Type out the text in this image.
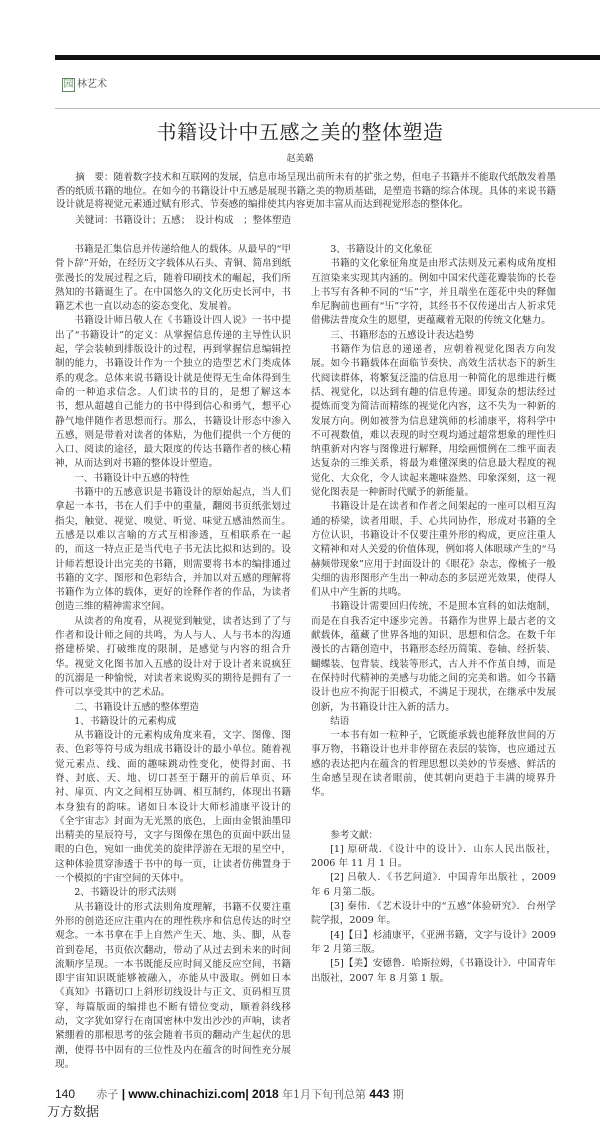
园 林艺术
书籍设计中五感之美的整体塑造
赵美璐
摘　要：随着数字技术和互联网的发展，信息市场呈现出前所未有的扩张之势，但电子书籍并不能取代纸散发着墨香的纸质书籍的地位。在如今的书籍设计中五感是展现书籍之美的物质基础，是塑造书籍的综合体现。具体的来说书籍设计就是将视觉元素通过赋有形式、节奏感的编排使其内容更加丰富从而达到视觉形态的整体化。
关键词：书籍设计；五感；　设计构成　；整体塑造

书籍是汇集信息并传递给他人的载体。从最早的“甲骨卜辞”开始，在经历文字载体从石头、青铜、简帛到纸张漫长的发展过程之后，随着印刷技术的崛起，我们所熟知的书籍诞生了。在中国悠久的文化历史长河中，书籍艺术也一直以动态的姿态变化、发展着。

书籍设计师吕敬人在《书籍设计四人说》一书中提出了“书籍设计”的定义：从掌握信息传递的主导性认识起，学会装帧到排版设计的过程，再到掌握信息编辑控制的能力，书籍设计作为一个独立的造型艺术门类成体系的观念。总体来说书籍设计就是使得无生命体得到生命的一种追求信念。人们读书的目的，是想了解这本书，想从超越自己能力的书中得到信心和勇气，想平心静气地伴随作者思想而行。那么，书籍设计形态中渗入五感，则是带着对读者的体贴，为他们提供一个方便的入口、阅读的途径，最大限度的传达书籍作者的核心精神，从而达到对书籍的整体设计塑造。

一、书籍设计中五感的特性

书籍中的五感意识是书籍设计的原始起点，当人们拿起一本书，书在人们手中的重量，翻阅书页纸张划过指尖，触觉、视觉、嗅觉、听觉、味觉五感油然而生。五感是以难以言喻的方式互相渗透，互相联系在一起的，而这一特点正是当代电子书无法比拟和达到的。设计师若想设计出完美的书籍，则需要将书本的编排通过书籍的文字、图形和色彩结合，并加以对五感的理解将书籍作为立体的载体，更好的诠释作者的作品，为读者创造三维的精神需求空间。

从读者的角度看，从视觉到触觉，读者达到了了与作者和设计师之间的共鸣，为人与人、人与书本的沟通搭建桥梁、打破维度的限制，是感觉与内容的组合升华。视觉文化图书加入五感的设计对于设计者来说疯狂的沉溺是一种愉悦，对读者来说购买的期待是拥有了一件可以享受其中的艺术品。

二、书籍设计五感的整体塑造

1、书籍设计的元素构成

从书籍设计的元素构成角度来看，文字、图像、图表、色彩等符号成为组成书籍设计的最小单位。随着视觉元素点、线、面的趣味跳动性变化，使得封面、书脊、封底、天、地、切口甚至于翻开的前后单页、环衬、扉页、内文之间相互协调、相互制约，体现出书籍本身独有的韵味。诸如日本设计大师杉浦康平设计的《全宇宙志》封面为无光黑的底色，上面由金银油墨印出精美的星辰符号，文字与图像在黑色的页面中跃出显眼的白色，宛如一曲优美的旋律浮游在无垠的星空中，这种体验贯穿渗透于书中的每一页，让读者仿佛置身于一个模拟的宇宙空间的天体中。

2、书籍设计的形式法则

从书籍设计的形式法则角度理解，书籍不仅要注重外形的创造还应注重内在的理性秩序和信息传达的时空观念。一本书拿在手上自然产生天、地、头、脚，从卷首到卷尾，书页依次翻动，带动了从过去到未来的时间流顺序呈现。一本书既能反应时间又能反应空间，书籍即宇宙知识既能够被融入，亦能从中汲取。例如日本《真知》书籍切口上斜形切线设计与正文、页码相互贯穿，每篇版面的编排也不断有错位变动，顺着斜线移动，文字犹如穿行在南国密林中发出沙沙的声响，读者紧绷着的那根思考的弦会随着书页的翻动产生起伏的思潮，使得书中固有的三位性及内在蕴含的时间性充分展现。

3、书籍设计的文化象征

书籍的文化象征角度是由形式法则及元素构成角度相互渲染来实现其内涵的。例如中国宋代莲花瓣装饰的长卷上书写有各种不同的“卐”字，并且端坐在莲花中央的释伽牟尼胸前也画有“卐”字符，其经书不仅传递出古人祈求凭借佛法普度众生的愿望，更蕴藏着无限的传统文化魅力。

三、书籍形态的五感设计表达趋势

书籍作为信息的递递者，应朝着视觉化图表方向发展。如今书籍载体在面临节奏快、高效生活状态下的新生代阅读群体，将繁复泛滥的信息用一种简化的思维进行概括、视觉化，以达到有趣的信息传递。即复杂的想法经过提炼而变为简洁而精练的视觉化内容，这不失为一种新的发展方向。例如被誉为信息建筑师的杉浦康平，将科学中不可视数值，难以表现的时空观均通过超常想象的理性归纳重新对内容与图像进行解释，用绘画惯例在二维平面表达复杂的三维关系，将最为难懂深奥的信息最大程度的视觉化、大众化，令人读起来趣味盎然、印象深刻，这一视觉化图表是一种新时代赋予的新能量。

书籍设计是在读者和作者之间架起的一座可以相互沟通的桥梁，读者用眼、手、心共同协作，形成对书籍的全方位认识，书籍设计不仅要注重外形的构成，更应注重人文精神和对人关爱的价值体现，例如将人体眼球产生的“马赫频带现象”应用于封面设计的《眼花》杂志，像梳子一般尖细的齿形图形产生出一种动态的多层逆光效果，使得人们从中产生新的共鸣。

书籍设计需要回归传统，不是照本宣科的如法炮制，而是在自我否定中逐步完善。书籍作为世界上最古老的文献载体，蕴藏了世界各地的知识、思想和信念。在数千年漫长的古籍创造中，书籍形态经历简策、卷轴、经折装、蝴蝶装、包背装、线装等形式，古人并不作茧自缚，而是在保持时代精神的美感与功能之间的完美和谐。如今书籍设计也应不拘泥于旧模式，不满足于现状，在继承中发展创新，为书籍设计注入新的活力。

结语

一本书有如一粒种子，它既能承载也能释放世间的万事万物，书籍设计也并非停留在表层的装饰，也应通过五感的表达把内在蕴含的哲理思想以美妙的节奏感、鲜活的生命感呈现在读者眼前，使其朝向更趋于丰满的境界升华。

参考文献：

[1] 原研哉．《设计中的设计》．山东人民出版社，2006 年 11 月 1 日。

[2] 吕敬人．《书艺问道》．中国青年出版社 ，2009 年 6 月第二版。

[3] 秦伟．《艺术设计中的“五感”体验研究》．台州学院学报，2009 年。

[4]【日】杉浦康平，《亚洲书籍，文字与设计》2009 年 2 月第三版。

[5]【美】安德鲁．哈斯拉姆，《书籍设计》．中国青年出版社，2007 年 8 月第 1 版。

140 赤子 | www.chinachizi.com| 2018 年1月下旬刊总第 443 期
万方数据
